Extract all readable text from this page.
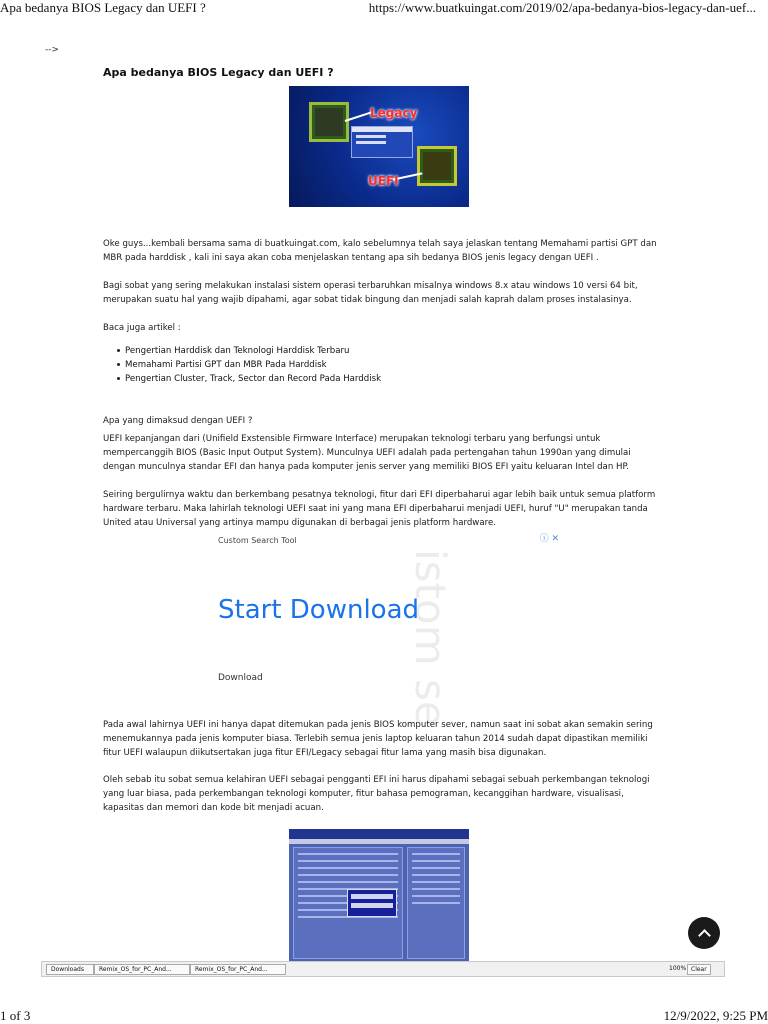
Apa bedanya BIOS Legacy dan UEFI ?	https://www.buatkuingat.com/2019/02/apa-bedanya-bios-legacy-dan-uef...
-->
Apa bedanya BIOS Legacy dan UEFI ?
Legacy
UEFI
Oke guys...kembali bersama sama di buatkuingat.com, kalo sebelumnya telah saya jelaskan tentang Memahami partisi GPT dan MBR pada harddisk , kali ini saya akan coba menjelaskan tentang apa sih bedanya BIOS jenis legacy dengan UEFI .
Bagi sobat yang sering melakukan instalasi sistem operasi terbaruhkan misalnya windows 8.x atau windows 10 versi 64 bit, merupakan suatu hal yang wajib dipahami, agar sobat tidak bingung dan menjadi salah kaprah dalam proses instalasinya.
Baca juga artikel :
Pengertian Harddisk dan Teknologi Harddisk Terbaru
Memahami Partisi GPT dan MBR Pada Harddisk
Pengertian Cluster, Track, Sector dan Record Pada Harddisk
Apa yang dimaksud dengan UEFI ?
UEFI kepanjangan dari (Unifield Exstensible Firmware Interface) merupakan teknologi terbaru yang berfungsi untuk mempercanggih BIOS (Basic Input Output System). Munculnya UEFI adalah pada pertengahan tahun 1990an yang dimulai dengan munculnya standar EFI dan hanya pada komputer jenis server yang memiliki BIOS EFI yaitu keluaran Intel dan HP.
Seiring bergulirnya waktu dan berkembang pesatnya teknologi, fitur dari EFI diperbaharui agar lebih baik untuk semua platform hardware terbaru. Maka lahirlah teknologi UEFI saat ini yang mana EFI diperbaharui menjadi UEFI, huruf "U" merupakan tanda United atau Universal yang artinya mampu digunakan di berbagai jenis platform hardware.
istom se
Custom Search Tool	ⓘ ✕
Start Download
Download
Pada awal lahirnya UEFI ini hanya dapat ditemukan pada jenis BIOS komputer sever, namun saat ini sobat akan semakin sering menemukannya pada jenis komputer biasa. Terlebih semua jenis laptop keluaran tahun 2014 sudah dapat dipastikan memiliki fitur UEFI walaupun diikutsertakan juga fitur EFI/Legacy sebagai fitur lama yang masih bisa digunakan.
Oleh sebab itu sobat semua kelahiran UEFI sebagai pengganti EFI ini harus dipahami sebagai sebuah perkembangan teknologi yang luar biasa, pada perkembangan teknologi komputer, fitur bahasa pemograman, kecanggihan hardware, visualisasi, kapasitas dan memori dan kode bit menjadi acuan.
Downloads	Remix_OS_for_PC_And...	Remix_OS_for_PC_And...	100% Clear
1 of 3	12/9/2022, 9:25 PM
